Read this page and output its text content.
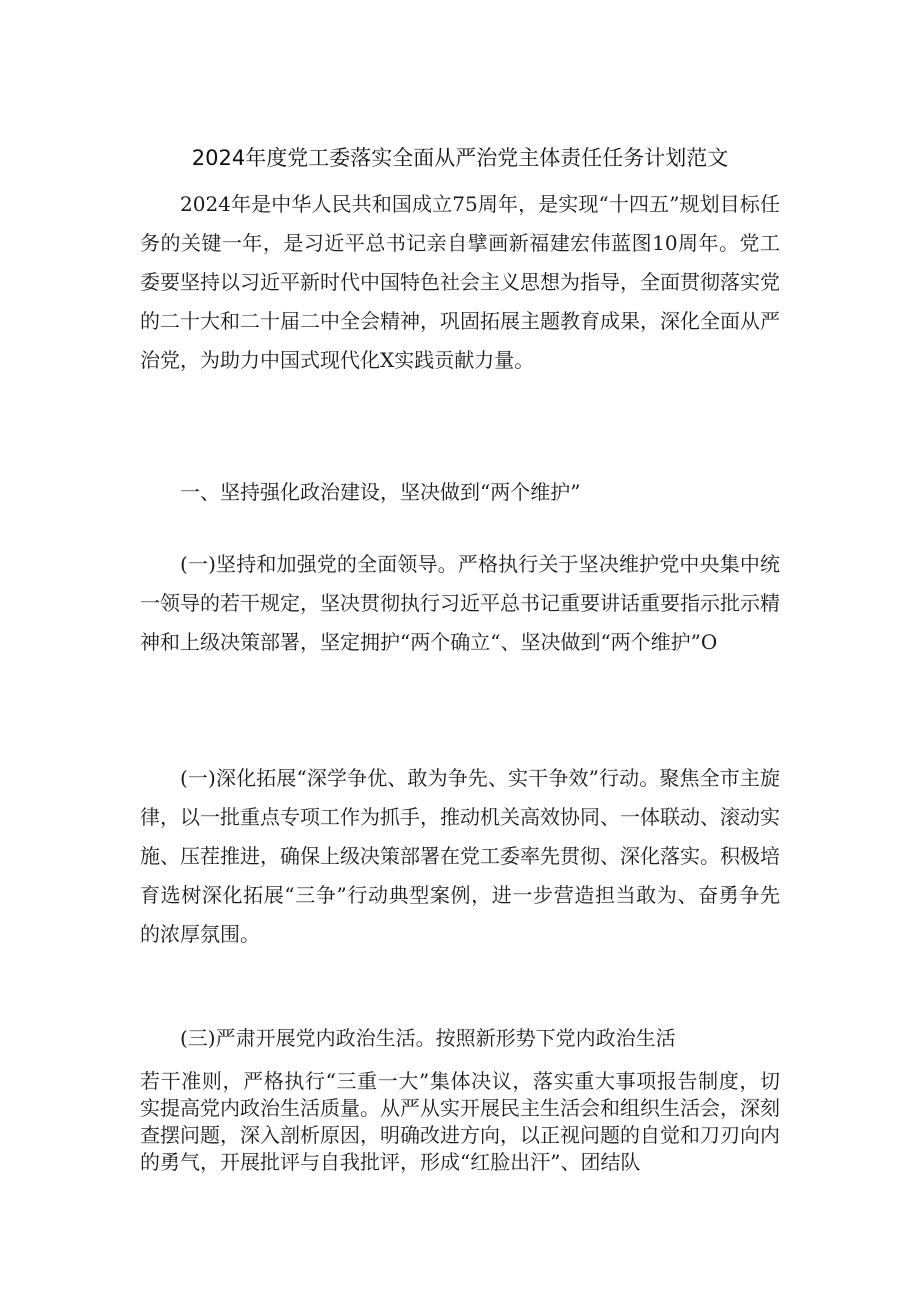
2024年度党工委落实全面从严治党主体责任任务计划范文

2024年是中华人民共和国成立75周年，是实现“十四五”规划目标任务的关键一年，是习近平总书记亲自擘画新福建宏伟蓝图10周年。党工委要坚持以习近平新时代中国特色社会主义思想为指导，全面贯彻落实党的二十大和二十届二中全会精神，巩固拓展主题教育成果，深化全面从严治党，为助力中国式现代化X实践贡献力量。

一、坚持强化政治建设，坚决做到“两个维护”

(一)坚持和加强党的全面领导。严格执行关于坚决维护党中央集中统一领导的若干规定，坚决贯彻执行习近平总书记重要讲话重要指示批示精神和上级决策部署，坚定拥护“两个确立“、坚决做到“两个维护”O

(一)深化拓展“深学争优、敢为争先、实干争效”行动。聚焦全市主旋律，以一批重点专项工作为抓手，推动机关高效协同、一体联动、滚动实施、压茬推进，确保上级决策部署在党工委率先贯彻、深化落实。积极培育选树深化拓展“三争”行动典型案例，进一步营造担当敢为、奋勇争先的浓厚氛围。

(三)严肃开展党内政治生活。按照新形势下党内政治生活

若干准则，严格执行“三重一大”集体决议，落实重大事项报告制度，切实提高党内政治生活质量。从严从实开展民主生活会和组织生活会，深刻查摆问题，深入剖析原因，明确改进方向，以正视问题的自觉和刀刃向内的勇气，开展批评与自我批评，形成“红脸出汗”、团结队
